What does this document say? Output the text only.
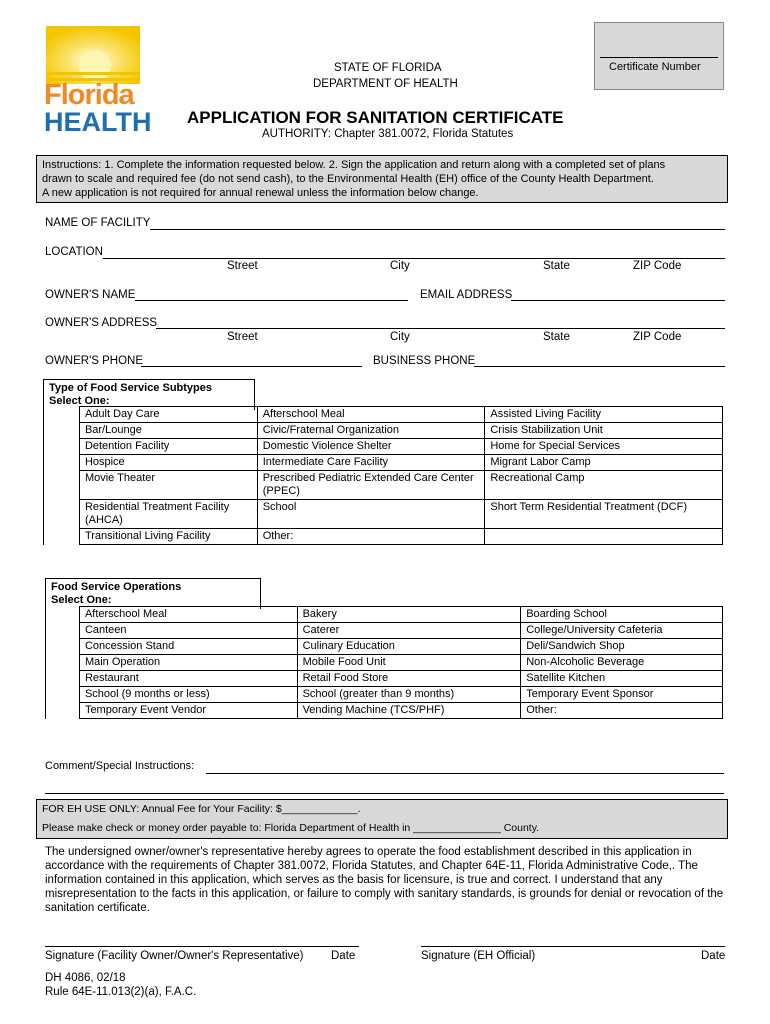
Florida
HEALTH
STATE OF FLORIDA
DEPARTMENT OF HEALTH
APPLICATION FOR SANITATION CERTIFICATE
AUTHORITY: Chapter 381.0072, Florida Statutes
Certificate Number
Instructions: 1. Complete the information requested below. 2. Sign the application and return along with a completed set of plans
drawn to scale and required fee (do not send cash), to the Environmental Health (EH) office of the County Health Department.
A new application is not required for annual renewal unless the information below change.
NAME OF FACILITY
LOCATION
Street	City	State	ZIP Code
OWNER'S NAME	EMAIL ADDRESS
OWNER'S ADDRESS
Street	City	State	ZIP Code
OWNER'S PHONE	BUSINESS PHONE
Type of Food Service Subtypes
Select One:
	Adult Day Care	Afterschool Meal	Assisted Living Facility
	Bar/Lounge	Civic/Fraternal Organization	Crisis Stabilization Unit
	Detention Facility	Domestic Violence Shelter	Home for Special Services
	Hospice	Intermediate Care Facility	Migrant Labor Camp
	Movie Theater	Prescribed Pediatric Extended Care Center (PPEC)	Recreational Camp
	Residential Treatment Facility (AHCA)	School	Short Term Residential Treatment (DCF)
	Transitional Living Facility	Other:	
Food Service Operations
Select One:
	Afterschool Meal	Bakery	Boarding School
	Canteen	Caterer	College/University Cafeteria
	Concession Stand	Culinary Education	Deli/Sandwich Shop
	Main Operation	Mobile Food Unit	Non-Alcoholic Beverage
	Restaurant	Retail Food Store	Satellite Kitchen
	School (9 months or less)	School (greater than 9 months)	Temporary Event Sponsor
	Temporary Event Vendor	Vending Machine (TCS/PHF)	Other:
Comment/Special Instructions:
FOR EH USE ONLY: Annual Fee for Your Facility: $_____________.
Please make check or money order payable to: Florida Department of Health in _______________ County.
The undersigned owner/owner's representative hereby agrees to operate the food establishment described in this application in
accordance with the requirements of Chapter 381.0072, Florida Statutes, and Chapter 64E-11, Florida Administrative Code,. The
information contained in this application, which serves as the basis for licensure, is true and correct. I understand that any
misrepresentation to the facts in this application, or failure to comply with sanitary standards, is grounds for denial or revocation of the
sanitation certificate.
Signature (Facility Owner/Owner's Representative) Date	Signature (EH Official)	Date
DH 4086, 02/18
Rule 64E-11.013(2)(a), F.A.C.
